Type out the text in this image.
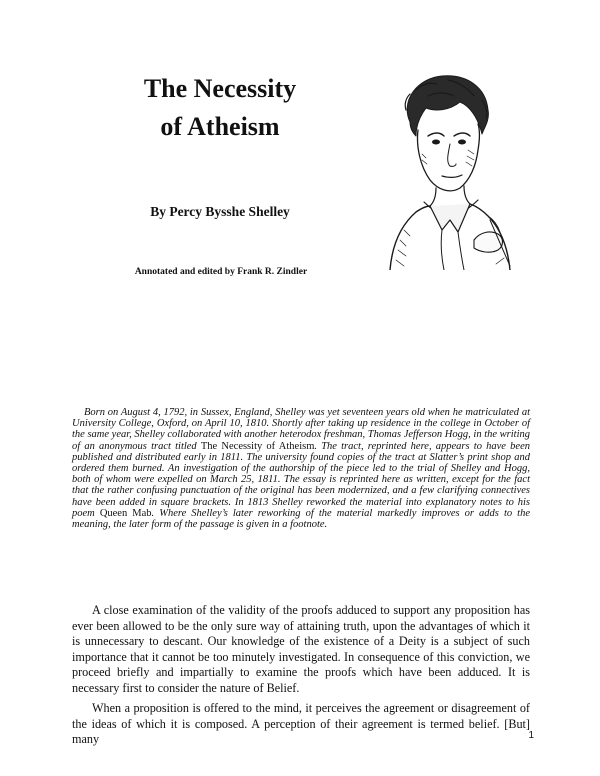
The Necessity
of Atheism

By Percy Bysshe Shelley

Annotated and edited by Frank R. Zindler

Born on August 4, 1792, in Sussex, England, Shelley was yet seventeen years old when he matriculated at University College, Oxford, on April 10, 1810. Shortly after taking up residence in the college in October of the same year, Shelley collaborated with another heterodox freshman, Thomas Jefferson Hogg, in the writing of an anonymous tract titled The Necessity of Atheism. The tract, reprinted here, appears to have been published and distributed early in 1811. The university found copies of the tract at Slatter’s print shop and ordered them burned. An investigation of the authorship of the piece led to the trial of Shelley and Hogg, both of whom were expelled on March 25, 1811. The essay is reprinted here as written, except for the fact that the rather confusing punctuation of the original has been modernized, and a few clarifying connectives have been added in square brackets. In 1813 Shelley reworked the material into explanatory notes to his poem Queen Mab. Where Shelley’s later reworking of the material markedly improves or adds to the meaning, the later form of the passage is given in a footnote.

A close examination of the validity of the proofs adduced to support any proposition has ever been allowed to be the only sure way of attaining truth, upon the advantages of which it is unnecessary to descant. Our knowledge of the existence of a Deity is a subject of such importance that it cannot be too minutely investigated. In consequence of this conviction, we proceed briefly and impartially to examine the proofs which have been adduced. It is necessary first to consider the nature of Belief.

When a proposition is offered to the mind, it perceives the agreement or disagreement of the ideas of which it is composed. A perception of their agreement is termed belief. [But] many	1
